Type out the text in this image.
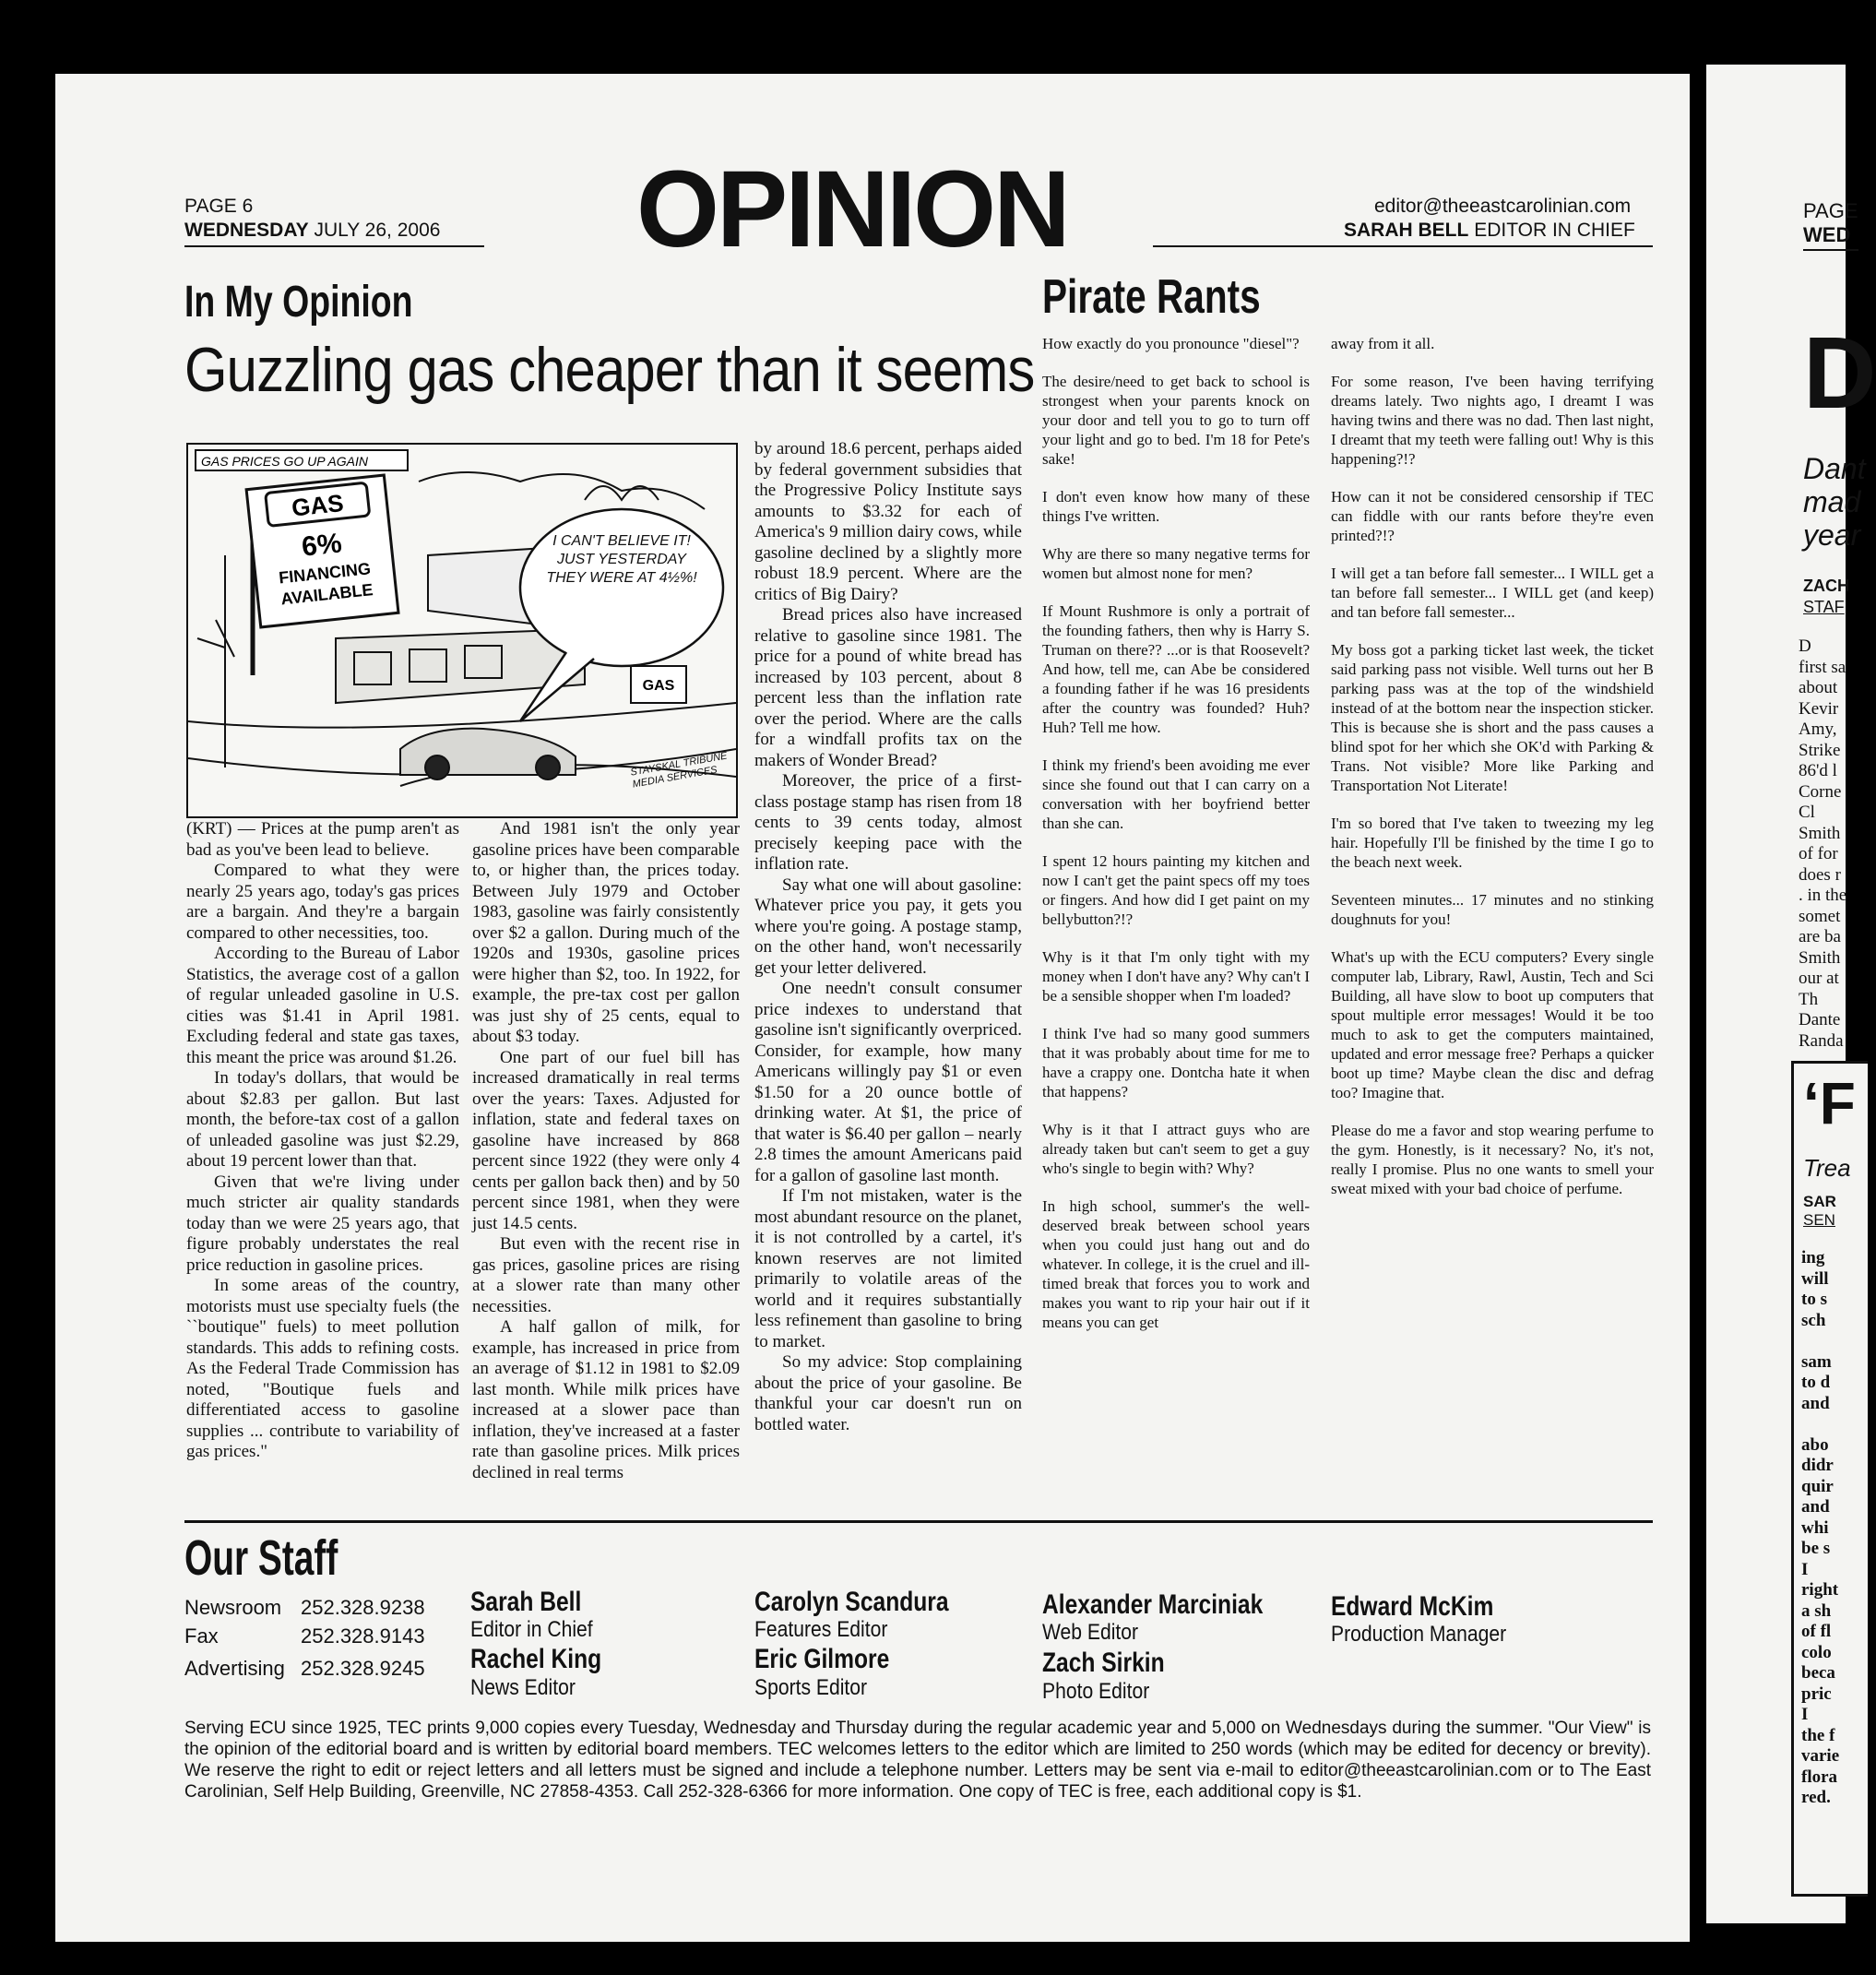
PAGE 6
WEDNESDAY JULY 26, 2006 OPINION	editor@theeastcarolinian.com
SARAH BELL EDITOR IN CHIEF
In My Opinion
Guzzling gas cheaper than it seems
GAS PRICES GO UP AGAIN
GAS
6%
FINANCING
AVAILABLE
I CAN'T BELIEVE IT! JUST YESTERDAY THEY WERE AT 4½%!
GAS
STAYSKAL TRIBUNE MEDIA SERVICES

(KRT) — Prices at the pump aren't as bad as you've been lead to believe.

Compared to what they were nearly 25 years ago, today's gas prices are a bargain. And they're a bargain compared to other necessities, too.

According to the Bureau of Labor Statistics, the average cost of a gallon of regular unleaded gasoline in U.S. cities was $1.41 in April 1981. Excluding federal and state gas taxes, this meant the price was around $1.26.

In today's dollars, that would be about $2.83 per gallon. But last month, the before-tax cost of a gallon of unleaded gasoline was just $2.29, about 19 percent lower than that.

Given that we're living under much stricter air quality standards today than we were 25 years ago, that figure probably understates the real price reduction in gasoline prices.

In some areas of the country, motorists must use specialty fuels (the ``boutique" fuels) to meet pollution standards. This adds to refining costs. As the Federal Trade Commission has noted, "Boutique fuels and differentiated access to gasoline supplies ... contribute to variability of gas prices."

And 1981 isn't the only year gasoline prices have been comparable to, or higher than, the prices today. Between July 1979 and October 1983, gasoline was fairly consistently over $2 a gallon. During much of the 1920s and 1930s, gasoline prices were higher than $2, too. In 1922, for example, the pre-tax cost per gallon was just shy of 25 cents, equal to about $3 today.

One part of our fuel bill has increased dramatically in real terms over the years: Taxes. Adjusted for inflation, state and federal taxes on gasoline have increased by 868 percent since 1922 (they were only 4 cents per gallon back then) and by 50 percent since 1981, when they were just 14.5 cents.

But even with the recent rise in gas prices, gasoline prices are rising at a slower rate than many other necessities.

A half gallon of milk, for example, has increased in price from an average of $1.12 in 1981 to $2.09 last month. While milk prices have increased at a slower pace than inflation, they've increased at a faster rate than gasoline prices. Milk prices declined in real terms

by around 18.6 percent, perhaps aided by federal government subsidies that the Progressive Policy Institute says amounts to $3.32 for each of America's 9 million dairy cows, while gasoline declined by a slightly more robust 18.9 percent. Where are the critics of Big Dairy?

Bread prices also have increased relative to gasoline since 1981. The price for a pound of white bread has increased by 103 percent, about 8 percent less than the inflation rate over the period. Where are the calls for a windfall profits tax on the makers of Wonder Bread?

Moreover, the price of a first-class postage stamp has risen from 18 cents to 39 cents today, almost precisely keeping pace with the inflation rate.

Say what one will about gasoline: Whatever price you pay, it gets you where you're going. A postage stamp, on the other hand, won't necessarily get your letter delivered.

One needn't consult consumer price indexes to understand that gasoline isn't significantly overpriced. Consider, for example, how many Americans willingly pay $1 or even $1.50 for a 20 ounce bottle of drinking water. At $1, the price of that water is $6.40 per gallon – nearly 2.8 times the amount Americans paid for a gallon of gasoline last month.

If I'm not mistaken, water is the most abundant resource on the planet, it is not controlled by a cartel, it's known reserves are not limited primarily to volatile areas of the world and it requires substantially less refinement than gasoline to bring to market.

So my advice: Stop complaining about the price of your gasoline. Be thankful your car doesn't run on bottled water.

Pirate Rants

How exactly do you pronounce "diesel"?

The desire/need to get back to school is strongest when your parents knock on your door and tell you to go to turn off your light and go to bed. I'm 18 for Pete's sake!

I don't even know how many of these things I've written.

Why are there so many negative terms for women but almost none for men?

If Mount Rushmore is only a portrait of the founding fathers, then why is Harry S. Truman on there?? ...or is that Roosevelt? And how, tell me, can Abe be considered a founding father if he was 16 presidents after the country was founded? Huh? Huh? Tell me how.

I think my friend's been avoiding me ever since she found out that I can carry on a conversation with her boyfriend better than she can.

I spent 12 hours painting my kitchen and now I can't get the paint specs off my toes or fingers. And how did I get paint on my bellybutton?!?

Why is it that I'm only tight with my money when I don't have any? Why can't I be a sensible shopper when I'm loaded?

I think I've had so many good summers that it was probably about time for me to have a crappy one. Dontcha hate it when that happens?

Why is it that I attract guys who are already taken but can't seem to get a guy who's single to begin with? Why?

In high school, summer's the well-deserved break between school years when you could just hang out and do whatever. In college, it is the cruel and ill-timed break that forces you to work and makes you want to rip your hair out if it means you can get

away from it all.

For some reason, I've been having terrifying dreams lately. Two nights ago, I dreamt I was having twins and there was no dad. Then last night, I dreamt that my teeth were falling out! Why is this happening?!?

How can it not be considered censorship if TEC can fiddle with our rants before they're even printed?!?

I will get a tan before fall semester... I WILL get a tan before fall semester... I WILL get (and keep) and tan before fall semester...

My boss got a parking ticket last week, the ticket said parking pass not visible. Well turns out her B parking pass was at the top of the windshield instead of at the bottom near the inspection sticker. This is because she is short and the pass causes a blind spot for her which she OK'd with Parking & Trans. Not visible? More like Parking and Transportation Not Literate!

I'm so bored that I've taken to tweezing my leg hair. Hopefully I'll be finished by the time I go to the beach next week.

Seventeen minutes... 17 minutes and no stinking doughnuts for you!

What's up with the ECU computers? Every single computer lab, Library, Rawl, Austin, Tech and Sci Building, all have slow to boot up computers that spout multiple error messages! Would it be too much to ask to get the computers maintained, updated and error message free? Perhaps a quicker boot up time? Maybe clean the disc and defrag too? Imagine that.

Please do me a favor and stop wearing perfume to the gym. Honestly, is it necessary? No, it's not, really I promise. Plus no one wants to smell your sweat mixed with your bad choice of perfume.

Our Staff
Newsroom 252.328.9238
Fax	252.328.9143
Advertising 252.328.9245
Sarah Bell
Editor in Chief
Rachel King
News Editor
Carolyn Scandura
Features Editor
Eric Gilmore
Sports Editor
Alexander Marciniak
Web Editor
Zach Sirkin
Photo Editor
Edward McKim
Production Manager
Serving ECU since 1925, TEC prints 9,000 copies every Tuesday, Wednesday and Thursday during the regular academic year and 5,000 on Wednesdays during the summer. "Our View" is the opinion of the editorial board and is written by editorial board members. TEC welcomes letters to the editor which are limited to 250 words (which may be edited for decency or brevity). We reserve the right to edit or reject letters and all letters must be signed and include a telephone number. Letters may be sent via e-mail to editor@theeastcarolinian.com or to The East Carolinian, Self Help Building, Greenville, NC 27858-4353. Call 252-328-6366 for more information. One copy of TEC is free, each additional copy is $1.
PAGE
WED
D
Dant
mad
year
ZACH
STAF
D
first sa
about
Kevir
Amy,
Strike
86'd l
Corne
Cl
Smith
of for
does r
. in the
somet
are ba
Smith
our at
Th
Dante
Randa
‘F
Trea
SAR
SEN
ing
will
to s
sch

sam
to d
and

abo
didr
quir
and
whi
be s
I
right
a sh
of fl
colo
beca
pric
I
the f
varie
flora
red.
